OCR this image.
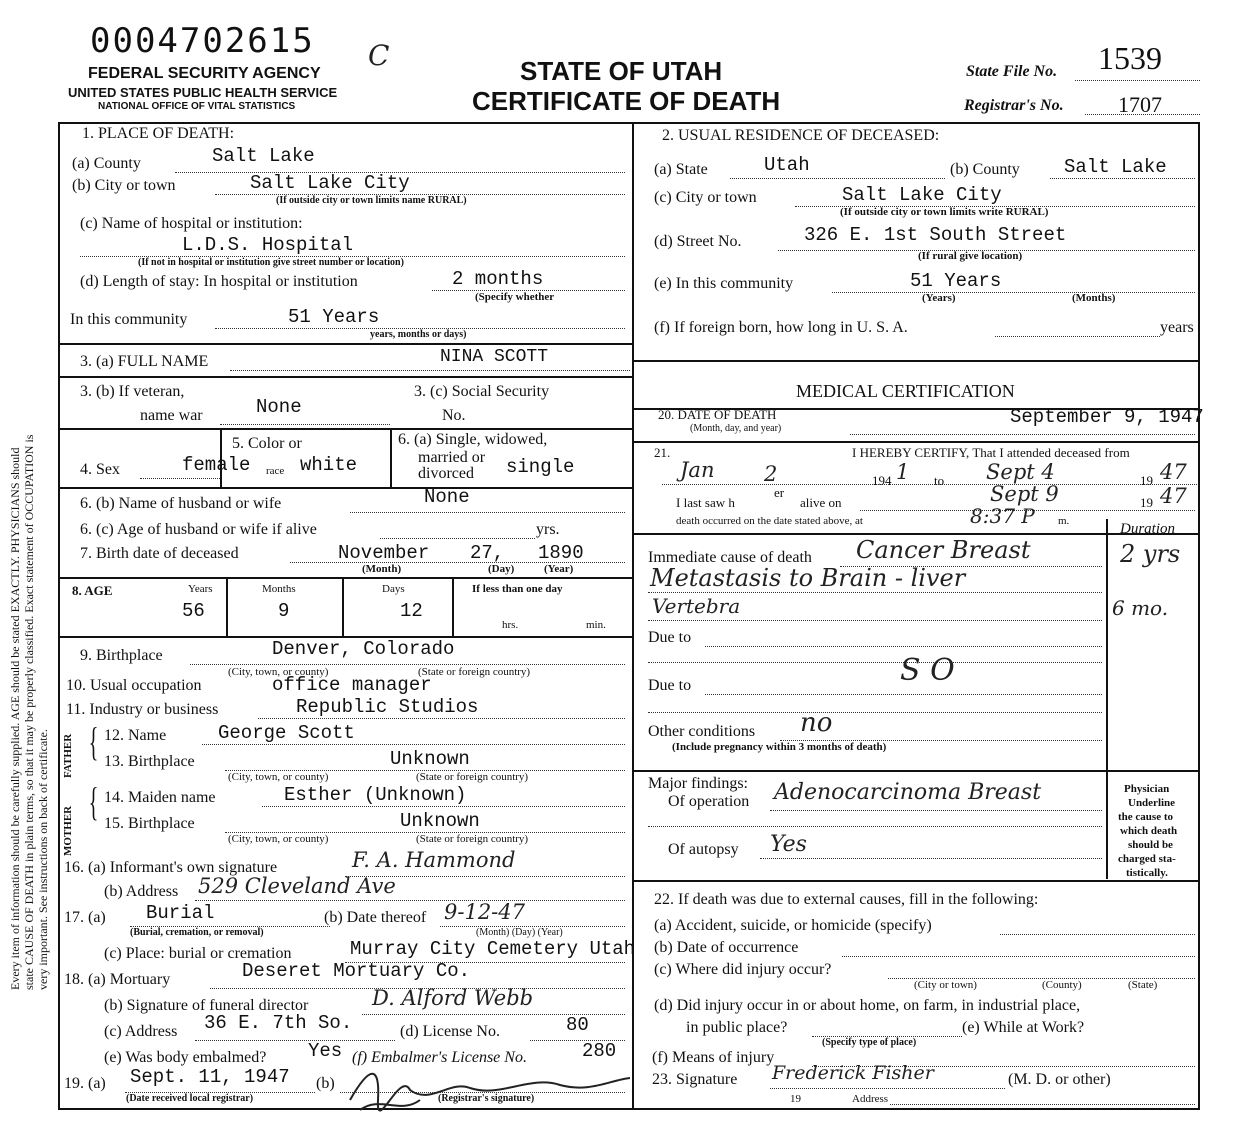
0004702615 C
FEDERAL SECURITY AGENCY
UNITED STATES PUBLIC HEALTH SERVICE
NATIONAL OFFICE OF VITAL STATISTICS
STATE OF UTAH
CERTIFICATE OF DEATH
State File No. 1539
Registrar's No. 1707
Every item of information should be carefully supplied. AGE should be stated EXACTLY. PHYSICIANS should state CAUSE OF DEATH in plain terms, so that it may be properly classified. Exact statement of OCCUPATION is very important. See instructions on back of certificate.
1. PLACE OF DEATH:
(a) County	Salt Lake
(b) City or town	Salt Lake City
(If outside city or town limits name RURAL)
(c) Name of hospital or institution:
L.D.S. Hospital
(If not in hospital or institution give street number or location)
(d) Length of stay: In hospital or institution	2 months
(Specify whether
In this community	51 Years
years, months or days)
2. USUAL RESIDENCE OF DECEASED:
(a) State	Utah	(b) County Salt Lake
(c) City or town	Salt Lake City
(If outside city or town limits write RURAL)
(d) Street No.	326 E. 1st South Street
(If rural give location)
(e) In this community	51 Years
(Years)	(Months)
(f) If foreign born, how long in U. S. A.	years
3. (a) FULL NAME	NINA SCOTT
3. (b) If veteran,
name war	None
3. (c) Social Security
No.
4. Sex	female
5. Color or
race white
6. (a) Single, widowed,
married or
divorced single
6. (b) Name of husband or wife	None
6. (c) Age of husband or wife if alive	yrs.
7. Birth date of deceased	November 27, 1890
(Month)	(Day)	(Year)
8. AGE	Years
56
Months
9
Days
12
If less than one day
hrs.	min.
9. Birthplace	Denver, Colorado
(City, town, or county)	(State or foreign country)
10. Usual occupation	office manager
11. Industry or business	Republic Studios
FATHER
MOTHER
{
{
12. Name	George Scott
13. Birthplace	Unknown
(City, town, or county)	(State or foreign country)
14. Maiden name	Esther (Unknown)
15. Birthplace	Unknown
(City, town, or county)	(State or foreign country)
16. (a) Informant's own signature	F. A. Hammond
(b) Address 529 Cleveland Ave
17. (a) Burial
(Burial, cremation, or removal)
(b) Date thereof 9-12-47
(Month) (Day) (Year)
(c) Place: burial or cremation	Murray City Cemetery Utah
18. (a) Mortuary	Deseret Mortuary Co.
(b) Signature of funeral director	D. Alford Webb
(c) Address 36 E. 7th So.	(d) License No.	80
(e) Was body embalmed? Yes (f) Embalmer's License No.	280
19. (a) Sept. 11, 1947
(Date received local registrar)
(b)
(Registrar's signature)
MEDICAL CERTIFICATION
20. DATE OF DEATH
(Month, day, and year)
September 9, 1947
21.	I HEREBY CERTIFY, That I attended deceased from
Jan 2	194 1 to Sept 4	19 47
I last saw h
er
alive on	Sept 9	19 47
death occurred on the date stated above, at	8:37 P m.	Duration
Immediate cause of death Cancer Breast	2 yrs
Metastasis to Brain - liver
Vertebra	6 mo.
Due to
S O
Due to
Other conditions no
(Include pregnancy within 3 months of death)
Major findings:
Of operation Adenocarcinoma Breast
Of autopsy Yes
Physician
Underline
the cause to
which death
should be
charged sta-
tistically.
22. If death was due to external causes, fill in the following:
(a) Accident, suicide, or homicide (specify)
(b) Date of occurrence
(c) Where did injury occur?
(City or town)	(County)	(State)
(d) Did injury occur in or about home, on farm, in industrial place,
in public place?	(e) While at Work?
(Specify type of place)
(f) Means of injury
23. Signature Frederick Fisher	(M. D. or other)
19	Address
